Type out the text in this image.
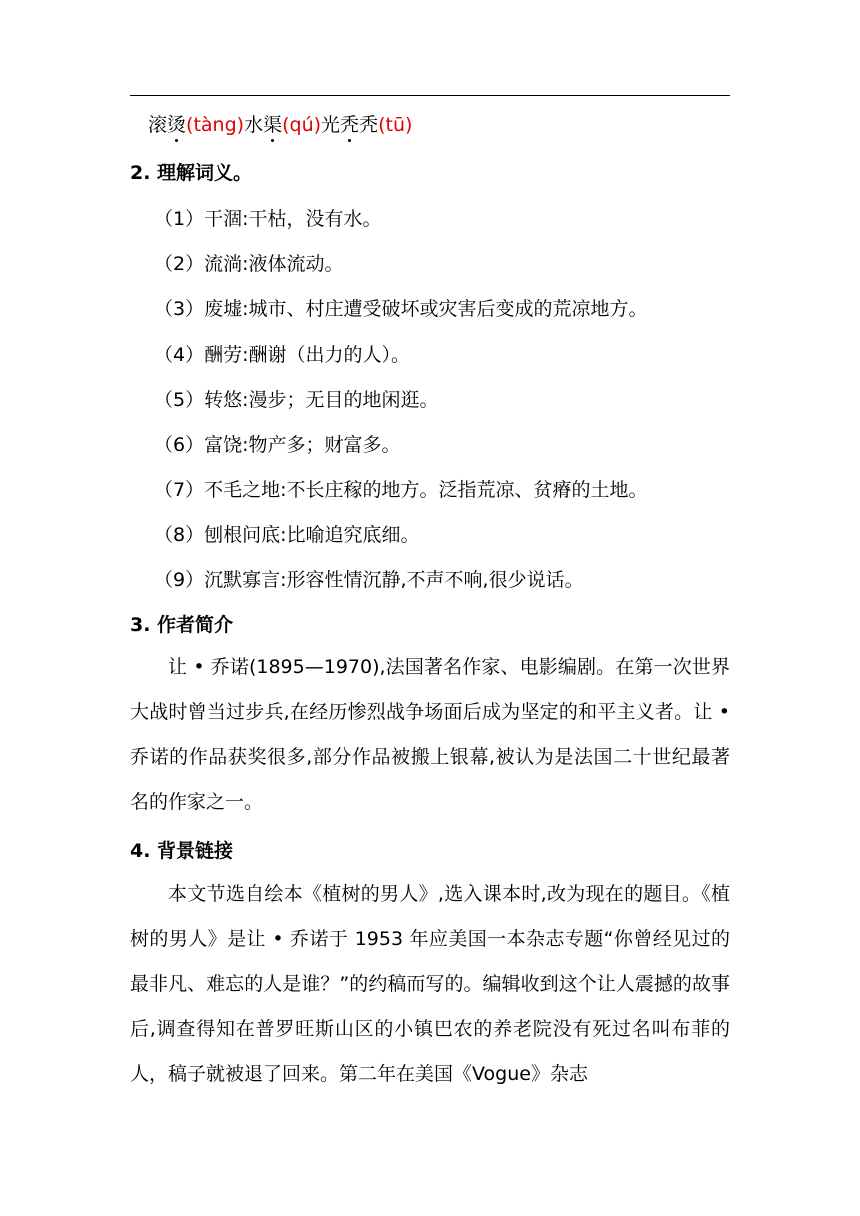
滚烫(tàng)水渠(qú)光秃秃(tū)
2. 理解词义。
（1）干涸:干枯，没有水。
（2）流淌:液体流动。
（3）废墟:城市、村庄遭受破坏或灾害后变成的荒凉地方。
（4）酬劳:酬谢（出力的人）。
（5）转悠:漫步；无目的地闲逛。
（6）富饶:物产多；财富多。
（7）不毛之地:不长庄稼的地方。泛指荒凉、贫瘠的土地。
（8）刨根问底:比喻追究底细。
（9）沉默寡言:形容性情沉静,不声不响,很少说话。
3. 作者简介
让 • 乔诺(1895—1970),法国著名作家、电影编剧。在第一次世界大战时曾当过步兵,在经历惨烈战争场面后成为坚定的和平主义者。让 • 乔诺的作品获奖很多,部分作品被搬上银幕,被认为是法国二十世纪最著名的作家之一。
4. 背景链接
本文节选自绘本《植树的男人》,选入课本时,改为现在的题目。《植树的男人》是让 • 乔诺于 1953 年应美国一本杂志专题“你曾经见过的最非凡、难忘的人是谁？”的约稿而写的。编辑收到这个让人震撼的故事后,调查得知在普罗旺斯山区的小镇巴农的养老院没有死过名叫布菲的人，稿子就被退了回来。第二年在美国《Vogue》杂志
